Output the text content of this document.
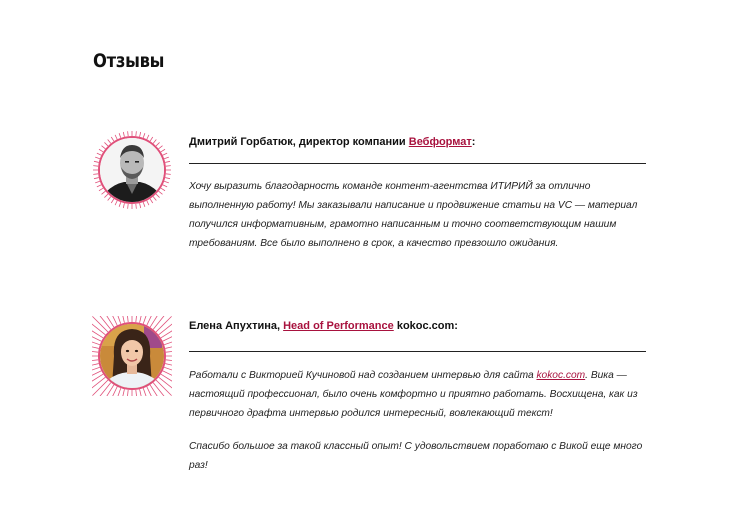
Отзывы

Дмитрий Горбатюк, директор компании Вебформат:

Хочу выразить благодарность команде контент-агентства ИТИРИЙ за отлично выполненную работу! Мы заказывали написание и продвижение статьи на VC — материал получился информативным, грамотно написанным и точно соответствующим нашим требованиям. Все было выполнено в срок, а качество превзошло ожидания.

Елена Апухтина, Head of Performance kokoc.com:

Работали с Викторией Кучиновой над созданием интервью для сайта kokoc.com. Вика — настоящий профессионал, было очень комфортно и приятно работать. Восхищена, как из первичного драфта интервью родился интересный, вовлекающий текст!

Спасибо большое за такой классный опыт! С удовольствием поработаю с Викой еще много раз!
